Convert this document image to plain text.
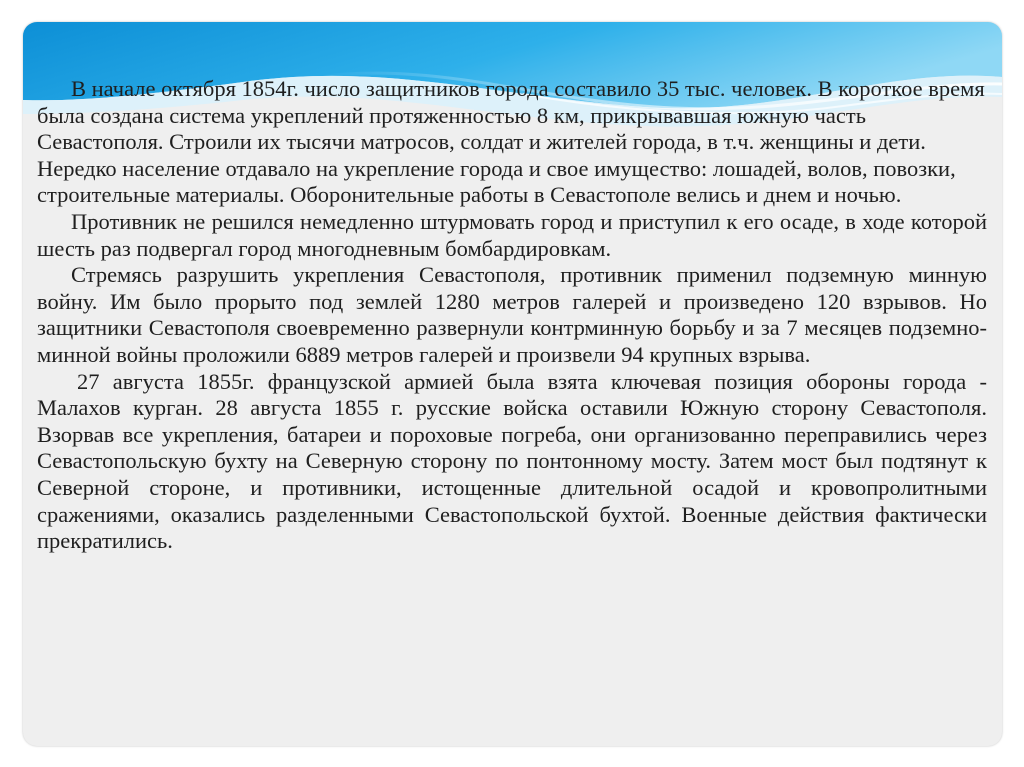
В начале октября 1854г. число защитников города составило 35 тыс. человек. В короткое время была создана система укреплений протяженностью 8 км, прикрывавшая южную часть Севастополя. Строили их тысячи матросов, солдат и жителей города, в т.ч. женщины и дети. Нередко население отдавало на укрепление города и свое имущество: лошадей, волов, повозки, строительные материалы. Оборонительные работы в Севастополе велись и днем и ночью.

Противник не решился немедленно штурмовать город и приступил к его осаде, в ходе которой шесть раз подвергал город многодневным бомбардировкам.

Стремясь разрушить укрепления Севастополя, противник применил подземную минную войну. Им было прорыто под землей 1280 метров галерей и произведено 120 взрывов. Но защитники Севастополя своевременно развернули контрминную борьбу и за 7 месяцев подземно-минной войны проложили 6889 метров галерей и произвели 94 крупных взрыва.

27 августа 1855г. французской армией была взята ключевая позиция обороны города - Малахов курган. 28 августа 1855 г. русские войска оставили Южную сторону Севастополя. Взорвав все укрепления, батареи и пороховые погреба, они организованно переправились через Севастопольскую бухту на Северную сторону по понтонному мосту. Затем мост был подтянут к Северной стороне, и противники, истощенные длительной осадой и кровопролитными сражениями, оказались разделенными Севастопольской бухтой. Военные действия фактически прекратились.
